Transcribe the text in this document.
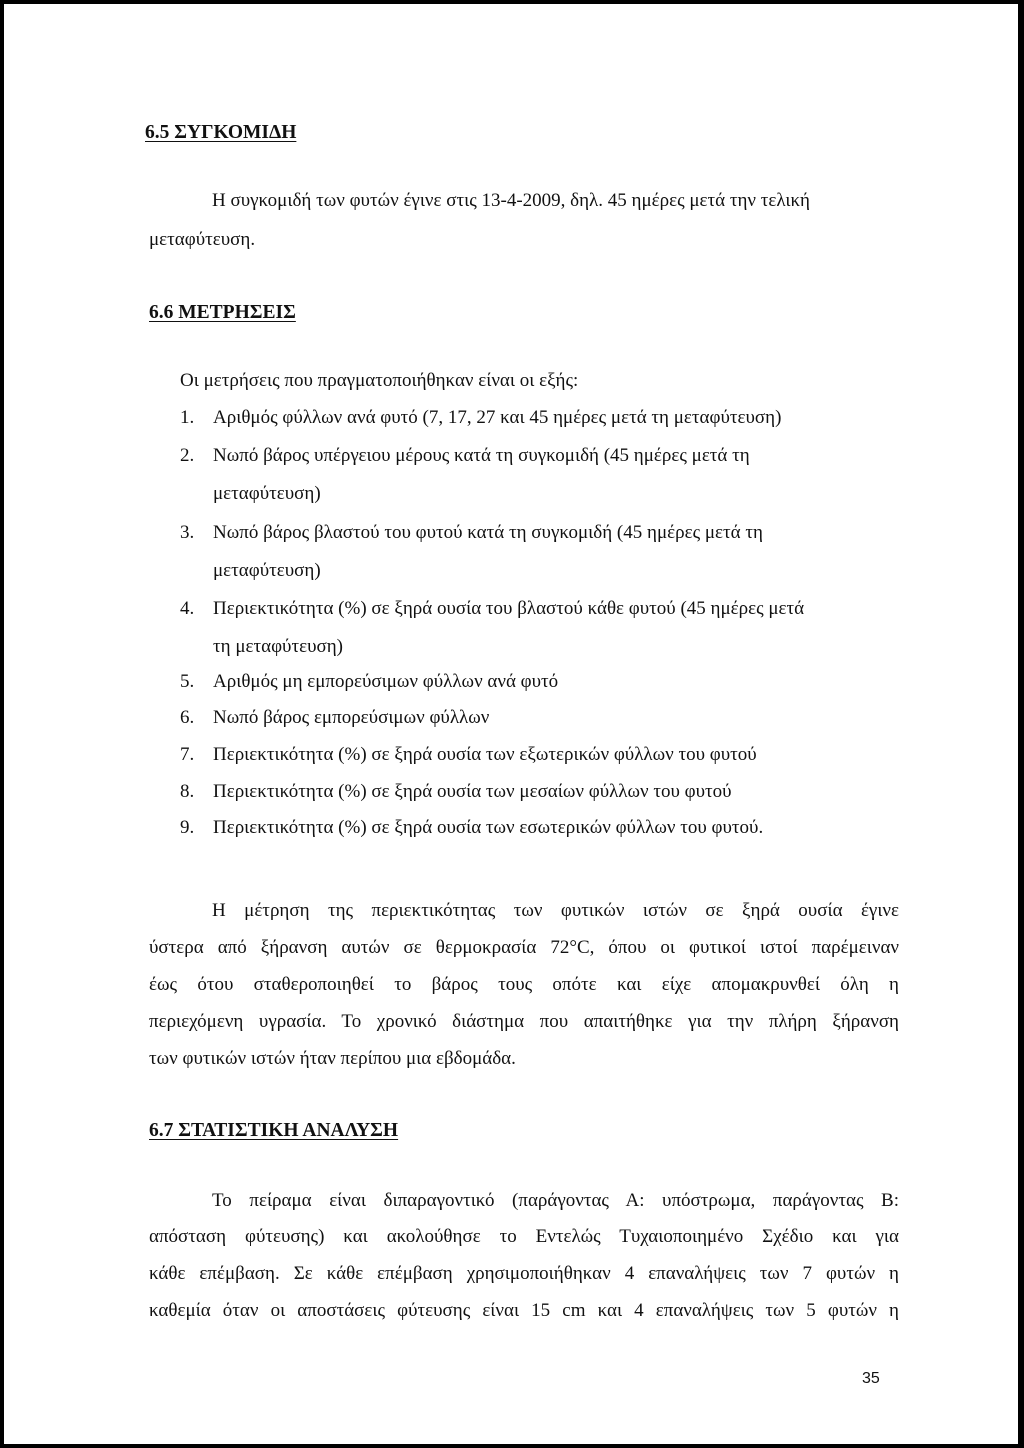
6.5 ΣΥΓΚΟΜΙΔΗ
Η συγκομιδή των φυτών έγινε στις 13-4-2009, δηλ. 45 ημέρες μετά την τελική
μεταφύτευση.
6.6 ΜΕΤΡΗΣΕΙΣ
Οι μετρήσεις που πραγματοποιήθηκαν είναι οι εξής:
1. Αριθμός φύλλων ανά φυτό (7, 17, 27 και 45 ημέρες μετά τη μεταφύτευση)
2. Νωπό βάρος υπέργειου μέρους κατά τη συγκομιδή (45 ημέρες μετά τη
μεταφύτευση)
3. Νωπό βάρος βλαστού του φυτού κατά τη συγκομιδή (45 ημέρες μετά τη
μεταφύτευση)
4. Περιεκτικότητα (%) σε ξηρά ουσία του βλαστού κάθε φυτού (45 ημέρες μετά
τη μεταφύτευση)
5. Αριθμός μη εμπορεύσιμων φύλλων ανά φυτό
6. Νωπό βάρος εμπορεύσιμων φύλλων
7. Περιεκτικότητα (%) σε ξηρά ουσία των εξωτερικών φύλλων του φυτού
8. Περιεκτικότητα (%) σε ξηρά ουσία των μεσαίων φύλλων του φυτού
9. Περιεκτικότητα (%) σε ξηρά ουσία των εσωτερικών φύλλων του φυτού.
Η μέτρηση της περιεκτικότητας των φυτικών ιστών σε ξηρά ουσία έγινε
ύστερα από ξήρανση αυτών σε θερμοκρασία 72°C, όπου οι φυτικοί ιστοί παρέμειναν
έως ότου σταθεροποιηθεί το βάρος τους οπότε και είχε απομακρυνθεί όλη η
περιεχόμενη υγρασία. Το χρονικό διάστημα που απαιτήθηκε για την πλήρη ξήρανση
των φυτικών ιστών ήταν περίπου μια εβδομάδα.
6.7 ΣΤΑΤΙΣΤΙΚΗ ΑΝΑΛΥΣΗ
Το πείραμα είναι διπαραγοντικό (παράγοντας Α: υπόστρωμα, παράγοντας Β:
απόσταση φύτευσης) και ακολούθησε το Εντελώς Τυχαιοποιημένο Σχέδιο και για
κάθε επέμβαση. Σε κάθε επέμβαση χρησιμοποιήθηκαν 4 επαναλήψεις των 7 φυτών η
καθεμία όταν οι αποστάσεις φύτευσης είναι 15 cm και 4 επαναλήψεις των 5 φυτών η
35
